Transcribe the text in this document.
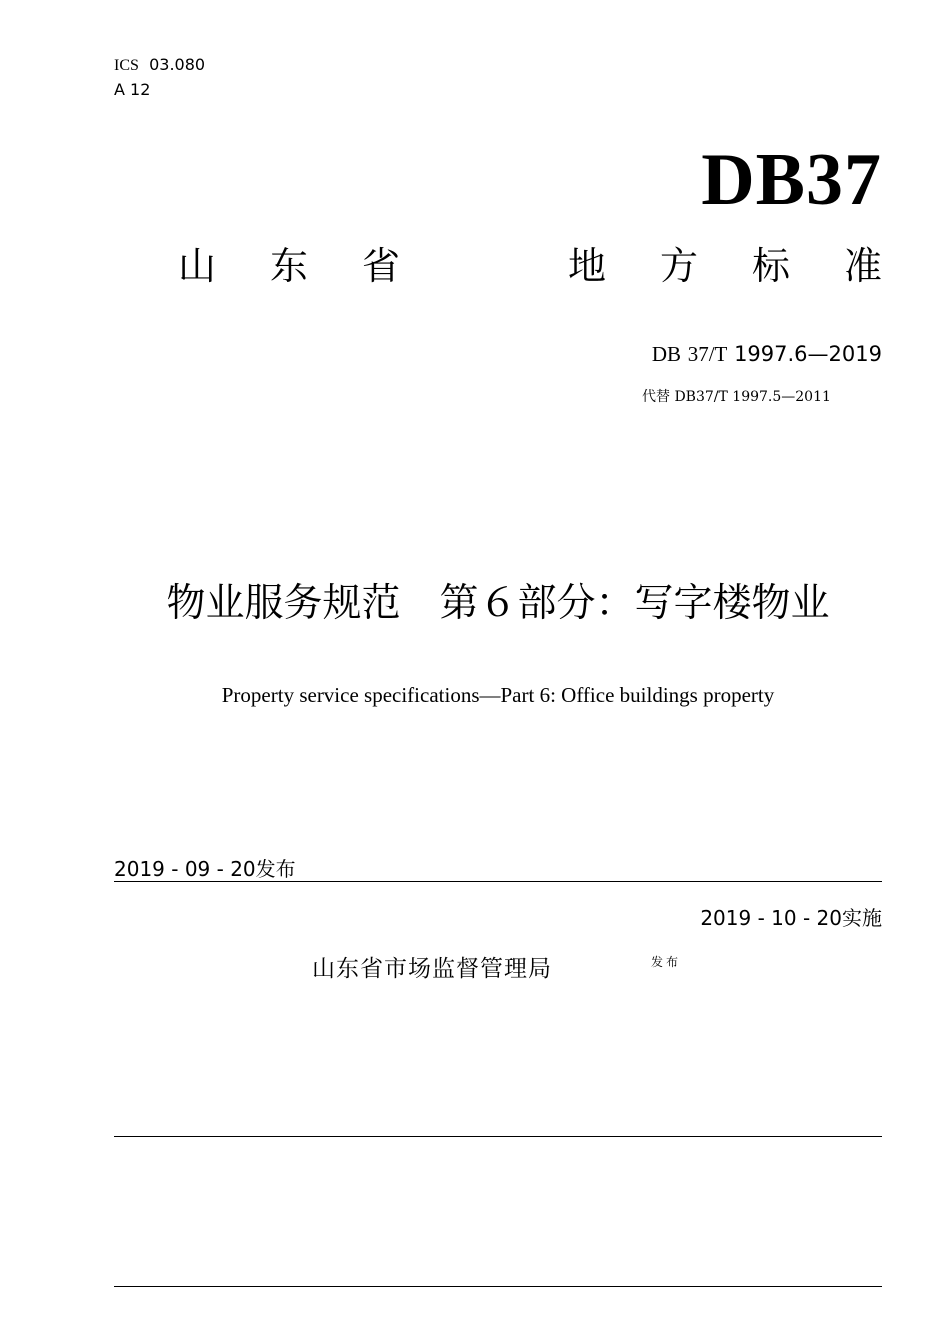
ICS 03.080
A 12
DB37
山 东 省	地 方 标 准
DB 37/T 1997.6—2019
代替 DB37/T 1997.5—2011
物业服务规范　第６部分：写字楼物业
Property service specifications—Part 6: Office buildings property
2019 - 09 - 20发布
2019 - 10 - 20实施
山东省市场监督管理局	发布
